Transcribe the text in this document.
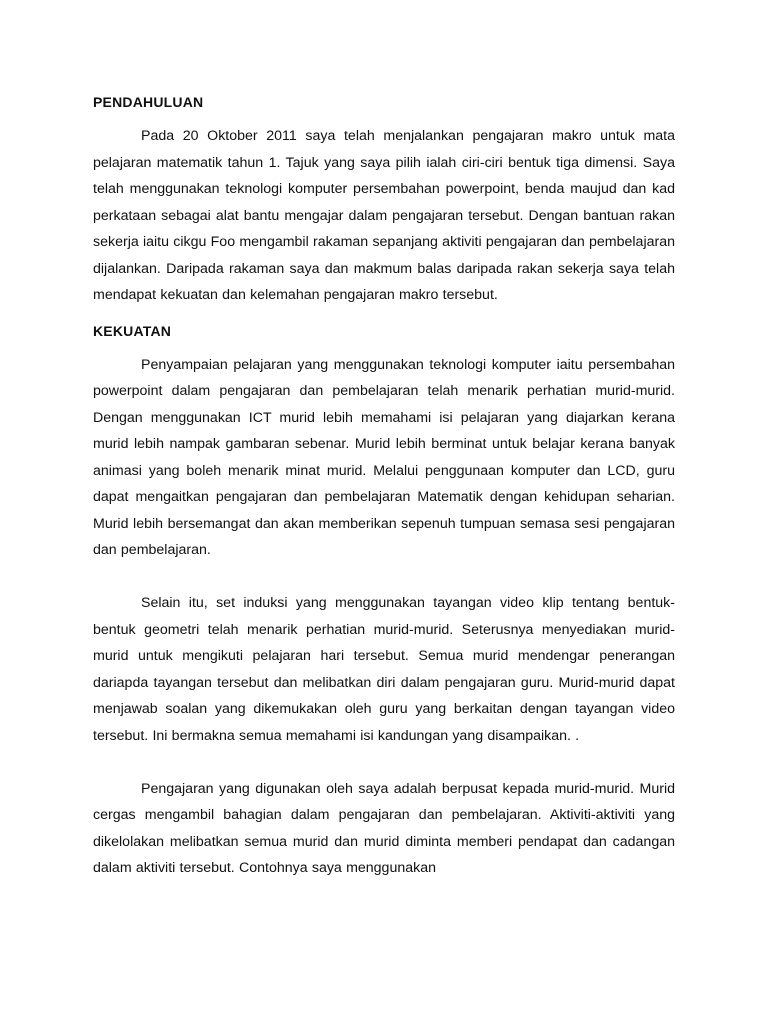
PENDAHULUAN

Pada 20 Oktober 2011 saya telah menjalankan pengajaran makro untuk mata pelajaran matematik tahun 1. Tajuk yang saya pilih ialah ciri-ciri bentuk tiga dimensi. Saya telah menggunakan teknologi komputer persembahan powerpoint, benda maujud dan kad perkataan sebagai alat bantu mengajar dalam pengajaran tersebut. Dengan bantuan rakan sekerja iaitu cikgu Foo mengambil rakaman sepanjang aktiviti pengajaran dan pembelajaran dijalankan. Daripada rakaman saya dan makmum balas daripada rakan sekerja saya telah mendapat kekuatan dan kelemahan pengajaran makro tersebut.

KEKUATAN

Penyampaian pelajaran yang menggunakan teknologi komputer iaitu persembahan powerpoint dalam pengajaran dan pembelajaran telah menarik perhatian murid-murid. Dengan menggunakan ICT murid lebih memahami isi pelajaran yang diajarkan kerana murid lebih nampak gambaran sebenar. Murid lebih berminat untuk belajar kerana banyak animasi yang boleh menarik minat murid. Melalui penggunaan komputer dan LCD, guru dapat mengaitkan pengajaran dan pembelajaran Matematik dengan kehidupan seharian. Murid lebih bersemangat dan akan memberikan sepenuh tumpuan semasa sesi pengajaran dan pembelajaran.

Selain itu, set induksi yang menggunakan tayangan video klip tentang bentuk-bentuk geometri telah menarik perhatian murid-murid. Seterusnya menyediakan murid-murid untuk mengikuti pelajaran hari tersebut. Semua murid mendengar penerangan dariapda tayangan tersebut dan melibatkan diri dalam pengajaran guru. Murid-murid dapat menjawab soalan yang dikemukakan oleh guru yang berkaitan dengan tayangan video tersebut. Ini bermakna semua memahami isi kandungan yang disampaikan. .

Pengajaran yang digunakan oleh saya adalah berpusat kepada murid-murid. Murid cergas mengambil bahagian dalam pengajaran dan pembelajaran. Aktiviti-aktiviti yang dikelolakan melibatkan semua murid dan murid diminta memberi pendapat dan cadangan dalam aktiviti tersebut. Contohnya saya menggunakan
